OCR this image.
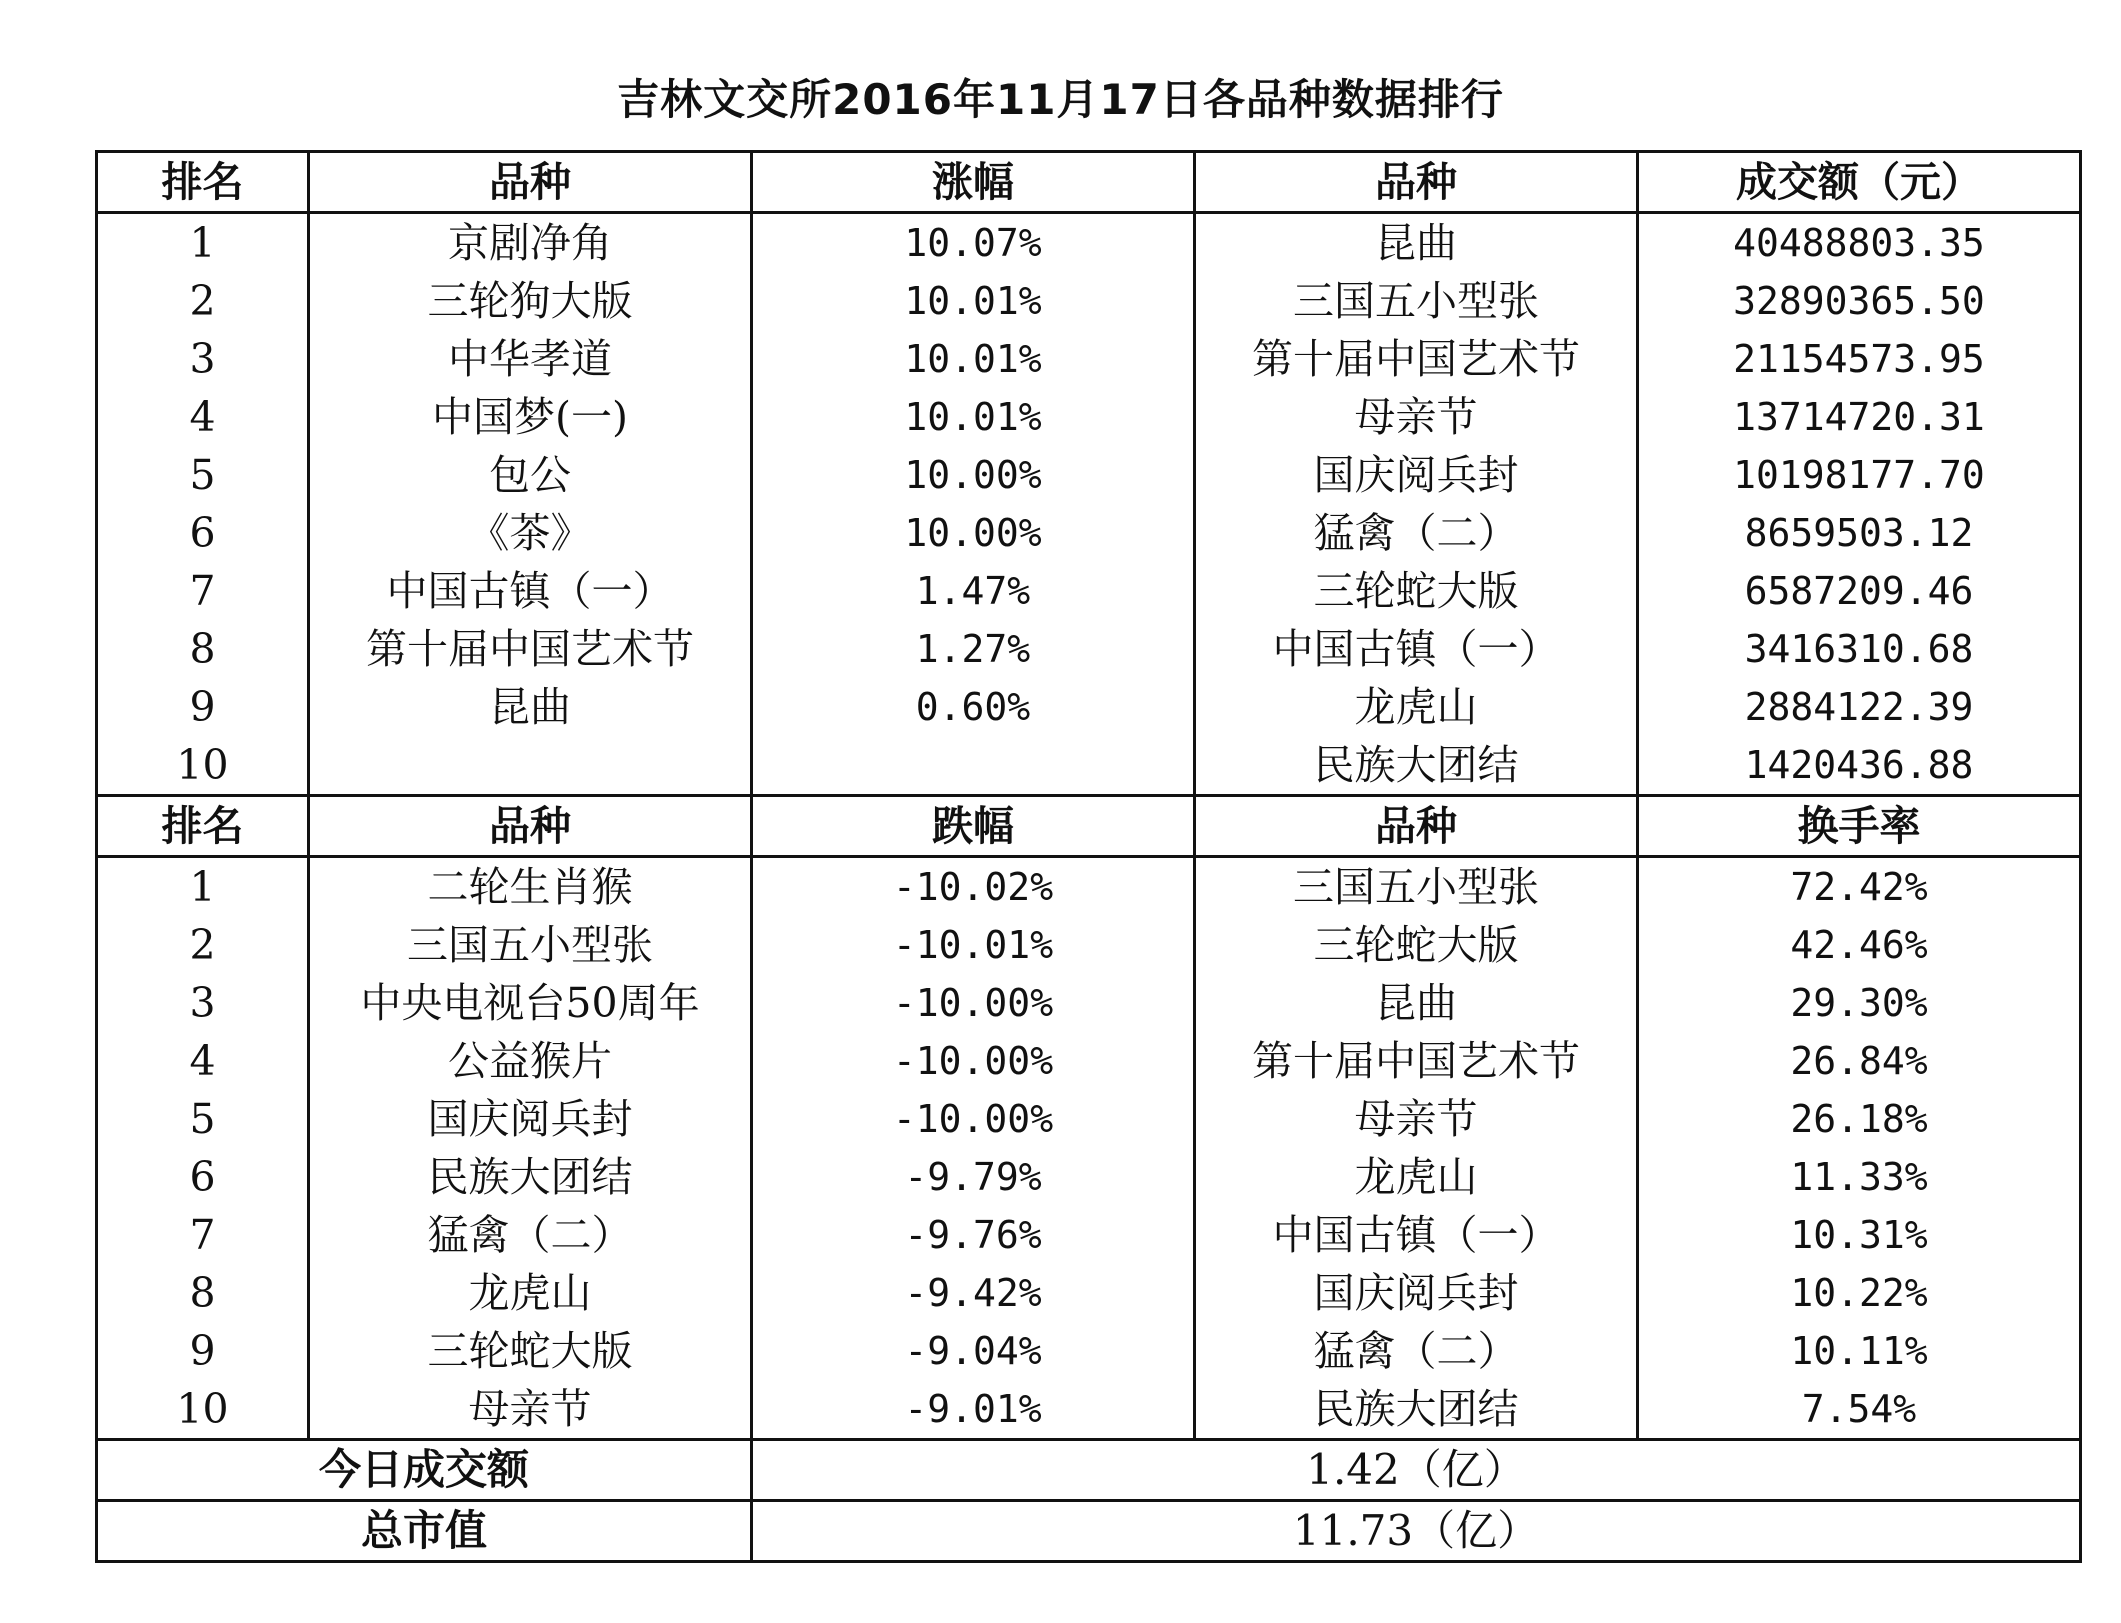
吉林文交所2016年11月17日各品种数据排行
排名	品种	涨幅	品种	成交额（元）
1	京剧净角	10.07%	昆曲	40488803.35
2	三轮狗大版	10.01%	三国五小型张	32890365.50
3	中华孝道	10.01%	第十届中国艺术节	21154573.95
4	中国梦(一)	10.01%	母亲节	13714720.31
5	包公	10.00%	国庆阅兵封	10198177.70
6	《茶》	10.00%	猛禽（二）	8659503.12
7	中国古镇（一）	1.47%	三轮蛇大版	6587209.46
8	第十届中国艺术节	1.27%	中国古镇（一）	3416310.68
9	昆曲	0.60%	龙虎山	2884122.39
10			民族大团结	1420436.88
排名	品种	跌幅	品种	换手率
1	二轮生肖猴	-10.02%	三国五小型张	72.42%
2	三国五小型张	-10.01%	三轮蛇大版	42.46%
3	中央电视台50周年	-10.00%	昆曲	29.30%
4	公益猴片	-10.00%	第十届中国艺术节	26.84%
5	国庆阅兵封	-10.00%	母亲节	26.18%
6	民族大团结	-9.79%	龙虎山	11.33%
7	猛禽（二）	-9.76%	中国古镇（一）	10.31%
8	龙虎山	-9.42%	国庆阅兵封	10.22%
9	三轮蛇大版	-9.04%	猛禽（二）	10.11%
10	母亲节	-9.01%	民族大团结	7.54%
今日成交额		1.42（亿）		
总市值		11.73（亿）		
